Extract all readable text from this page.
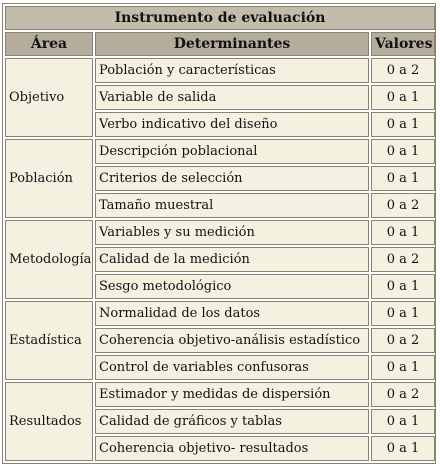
Instrumento de evaluación		
Área	Determinantes	Valores
Objetivo	Población y características	0 a 2
	Variable de salida	0 a 1
	Verbo indicativo del diseño	0 a 1
Población	Descripción poblacional	0 a 1
	Criterios de selección	0 a 1
	Tamaño muestral	0 a 2
Metodología	Variables y su medición	0 a 1
	Calidad de la medición	0 a 2
	Sesgo metodológico	0 a 1
Estadística	Normalidad de los datos	0 a 1
	Coherencia objetivo-análisis estadístico	0 a 2
	Control de variables confusoras	0 a 1
Resultados	Estimador y medidas de dispersión	0 a 2
	Calidad de gráficos y tablas	0 a 1
	Coherencia objetivo- resultados	0 a 1
